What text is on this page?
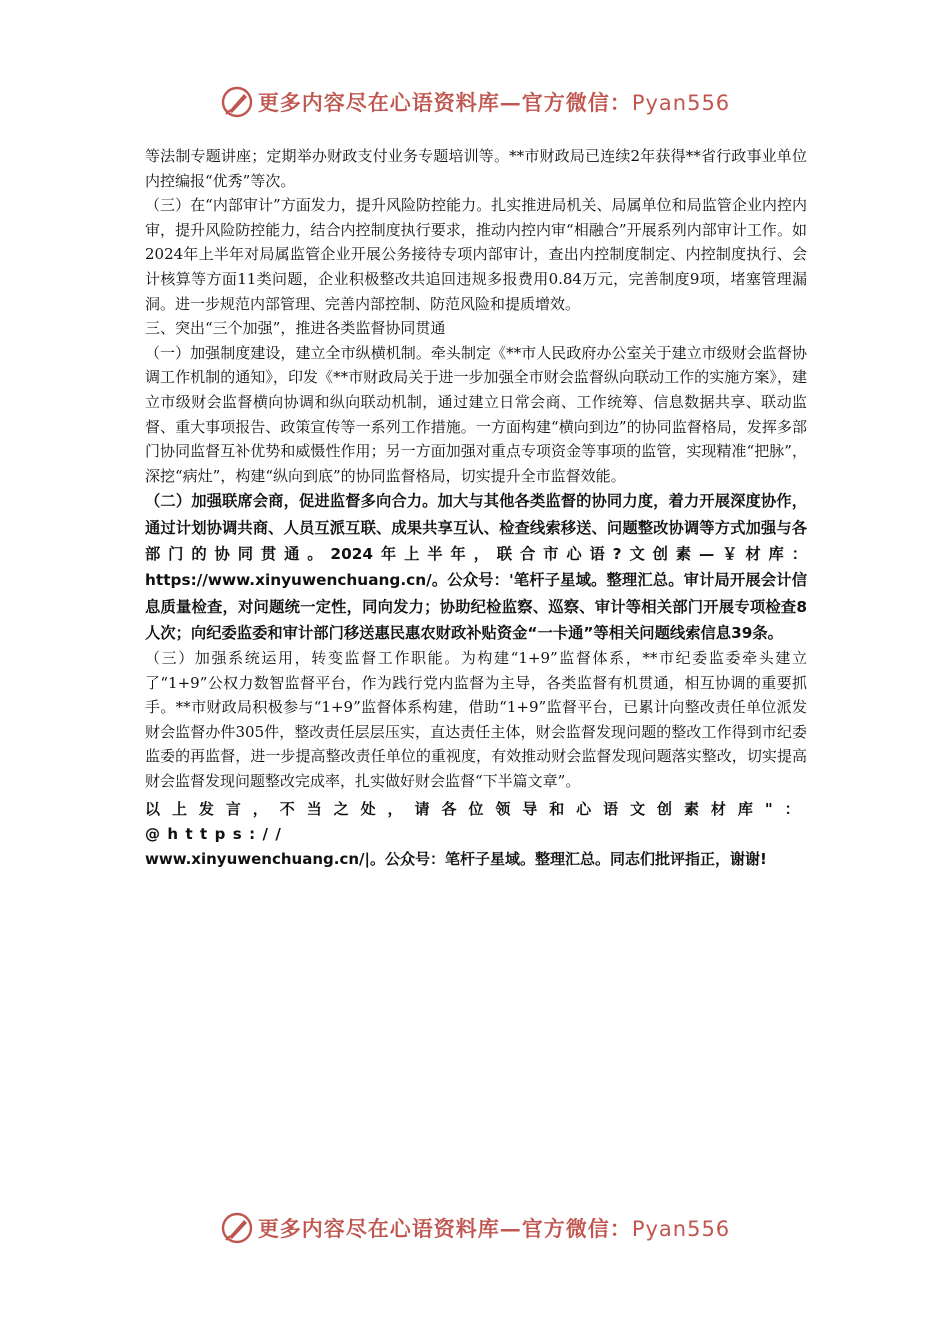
更多内容尽在心语资料库—官方微信：Pyan556

等法制专题讲座；定期举办财政支付业务专题培训等。**市财政局已连续2年获得**省行政事业单位内控编报“优秀”等次。

（三）在“内部审计”方面发力，提升风险防控能力。扎实推进局机关、局属单位和局监管企业内控内审，提升风险防控能力，结合内控制度执行要求，推动内控内审“相融合”开展系列内部审计工作。如2024年上半年对局属监管企业开展公务接待专项内部审计，查出内控制度制定、内控制度执行、会计核算等方面11类问题，企业积极整改共追回违规多报费用0.84万元，完善制度9项，堵塞管理漏洞。进一步规范内部管理、完善内部控制、防范风险和提质增效。

三、突出“三个加强”，推进各类监督协同贯通

（一）加强制度建设，建立全市纵横机制。牵头制定《**市人民政府办公室关于建立市级财会监督协调工作机制的通知》，印发《**市财政局关于进一步加强全市财会监督纵向联动工作的实施方案》，建立市级财会监督横向协调和纵向联动机制，通过建立日常会商、工作统筹、信息数据共享、联动监督、重大事项报告、政策宣传等一系列工作措施。一方面构建“横向到边”的协同监督格局，发挥多部门协同监督互补优势和威慑性作用；另一方面加强对重点专项资金等事项的监管，实现精准“把脉”，深挖“病灶”，构建“纵向到底”的协同监督格局，切实提升全市监督效能。

（二）加强联席会商，促进监督多向合力。加大与其他各类监督的协同力度，着力开展深度协作，通过计划协调共商、人员互派互联、成果共享互认、检查线索移送、问题整改协调等方式加强与各部门的协同贯通。2024年上半年，联合市心语?文创素—￥材库：https://www.xinyuwenchuang.cn/。公众号：'笔杆子星域。整理汇总。审计局开展会计信息质量检查，对问题统一定性，同向发力；协助纪检监察、巡察、审计等相关部门开展专项检查8人次；向纪委监委和审计部门移送惠民惠农财政补贴资金“一卡通”等相关问题线索信息39条。

（三）加强系统运用，转变监督工作职能。为构建“1+9”监督体系，**市纪委监委牵头建立了“1+9”公权力数智监督平台，作为践行党内监督为主导，各类监督有机贯通，相互协调的重要抓手。**市财政局积极参与“1+9”监督体系构建，借助“1+9”监督平台，已累计向整改责任单位派发财会监督办件305件，整改责任层层压实，直达责任主体，财会监督发现问题的整改工作得到市纪委监委的再监督，进一步提高整改责任单位的重视度，有效推动财会监督发现问题落实整改，切实提高财会监督发现问题整改完成率，扎实做好财会监督“下半篇文章”。

以上发言，不当之处，请各位领导和心语文创素材库"：@https://
www.xinyuwenchuang.cn/|。公众号：笔杆子星域。整理汇总。同志们批评指正，谢谢!

更多内容尽在心语资料库—官方微信：Pyan556
